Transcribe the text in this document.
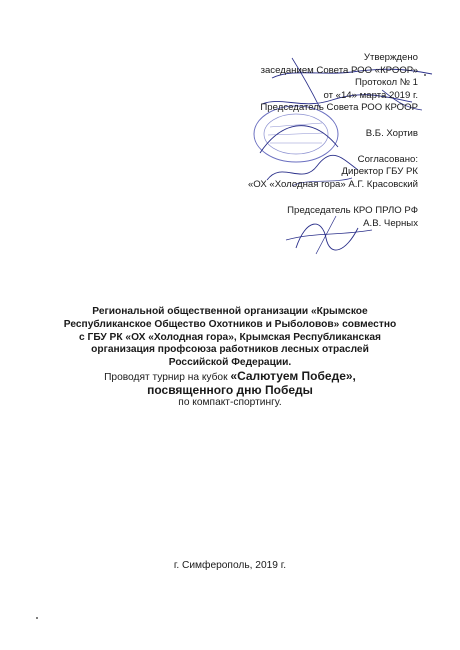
Утверждено
заседанием Совета РОО «КРООР»
Протокол № 1
от «14» марта 2019 г.
Председатель Совета РОО КРООР
В.Б. Хортив
Согласовано:
Директор ГБУ РК
«ОХ «Холодная гора» А.Г. Красовский
Председатель КРО ПРЛО РФ
А.В. Черных
Региональной общественной организации «Крымское
Республиканское Общество Охотников и Рыболовов» совместно
с ГБУ РК «ОХ «Холодная гора», Крымская Республиканская
организация профсоюза работников лесных отраслей
Российской Федерации.
Проводят турнир на кубок «Салютуем Победе»,
посвященного дню Победы
по компакт-спортингу.
г. Симферополь, 2019 г.
